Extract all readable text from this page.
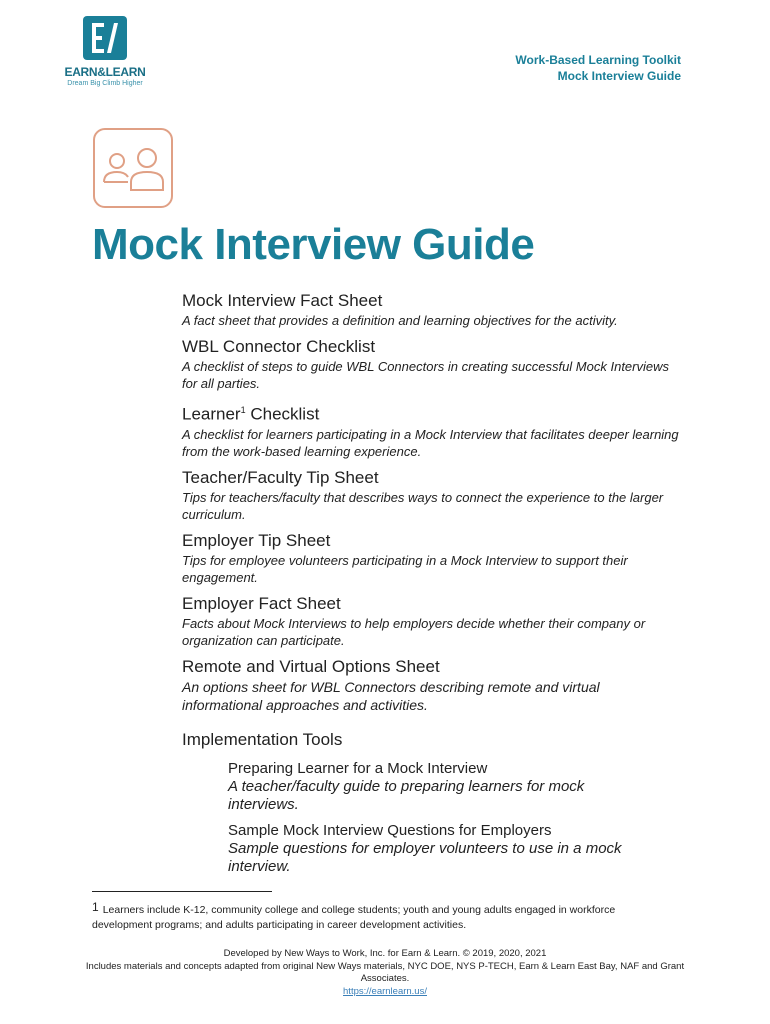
EARN&LEARN
Dream Big Climb Higher
Work-Based Learning Toolkit
Mock Interview Guide
Mock Interview Guide
Mock Interview Fact Sheet
A fact sheet that provides a definition and learning objectives for the activity.
WBL Connector Checklist
A checklist of steps to guide WBL Connectors in creating successful Mock Interviews for all parties.
Learner$^1$ Checklist
A checklist for learners participating in a Mock Interview that facilitates deeper learning from the work-based learning experience.
Teacher/Faculty Tip Sheet
Tips for teachers/faculty that describes ways to connect the experience to the larger curriculum.
Employer Tip Sheet
Tips for employee volunteers participating in a Mock Interview to support their engagement.
Employer Fact Sheet
Facts about Mock Interviews to help employers decide whether their company or organization can participate.
Remote and Virtual Options Sheet
An options sheet for WBL Connectors describing remote and virtual informational approaches and activities.
Implementation Tools
Preparing Learner for a Mock Interview
A teacher/faculty guide to preparing learners for mock interviews.
Sample Mock Interview Questions for Employers
Sample questions for employer volunteers to use in a mock interview.
1 Learners include K-12, community college and college students; youth and young adults engaged in workforce development programs; and adults participating in career development activities.
Developed by New Ways to Work, Inc. for Earn & Learn. © 2019, 2020, 2021
Includes materials and concepts adapted from original New Ways materials, NYC DOE, NYS P-TECH, Earn & Learn East Bay, NAF and Grant Associates.
https://earnlearn.us/
